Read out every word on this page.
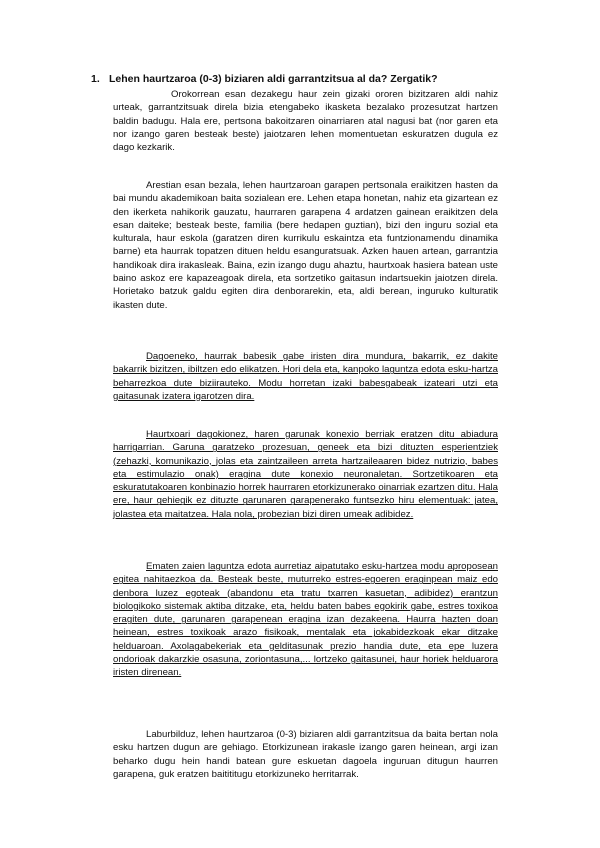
1. Lehen haurtzaroa (0-3) biziaren aldi garrantzitsua al da? Zergatik?

Orokorrean esan dezakegu haur zein gizaki ororen bizitzaren aldi nahiz urteak, garrantzitsuak direla bizia etengabeko ikasketa bezalako prozesutzat hartzen baldin badugu. Hala ere, pertsona bakoitzaren oinarriaren atal nagusi bat (nor garen eta nor izango garen besteak beste) jaiotzaren lehen momentuetan eskuratzen dugula ez dago kezkarik.

Arestian esan bezala, lehen haurtzaroan garapen pertsonala eraikitzen hasten da bai mundu akademikoan baita sozialean ere. Lehen etapa honetan, nahiz eta gizartean ez den ikerketa nahikorik gauzatu, haurraren garapena 4 ardatzen gainean eraikitzen dela esan daiteke; besteak beste, familia (bere hedapen guztian), bizi den inguru sozial eta kulturala, haur eskola (garatzen diren kurrikulu eskaintza eta funtzionamendu dinamika barne) eta haurrak topatzen dituen heldu esanguratsuak. Azken hauen artean, garrantzia handikoak dira irakasleak. Baina, ezin izango dugu ahaztu, haurtxoak hasiera batean uste baino askoz ere kapazeagoak direla, eta sortzetiko gaitasun indartsuekin jaiotzen direla. Horietako batzuk galdu egiten dira denborarekin, eta, aldi berean, inguruko kulturatik ikasten dute.

Dagoeneko, haurrak babesik gabe iristen dira mundura, bakarrik, ez dakite bakarrik bizitzen, ibiltzen edo elikatzen. Hori dela eta, kanpoko laguntza edota esku-hartza beharrezkoa dute biziirauteko. Modu horretan izaki babesgabeak izateari utzi eta gaitasunak izatera igarotzen dira.

Haurtxoari dagokionez, haren garunak konexio berriak eratzen ditu abiadura harrigarrian. Garuna garatzeko prozesuan, geneek eta bizi dituzten esperientziek (zehazki, komunikazio, jolas eta zaintzaileen arreta hartzaileaaren bidez nutrizio, babes eta estimulazio onak) eragina dute konexio neuronaletan. Sortzetikoaren eta eskuratutakoaren konbinazio horrek haurraren etorkizunerako oinarriak ezartzen ditu. Hala ere, haur gehiegik ez dituzte garunaren garapenerako funtsezko hiru elementuak: jatea, jolastea eta maitatzea. Hala nola, probezian bizi diren umeak adibidez.

Ematen zaien laguntza edota aurretiaz aipatutako esku-hartzea modu aproposean egitea nahitaezkoa da. Besteak beste, muturreko estres-egoeren eraginpean maiz edo denbora luzez egoteak (abandonu eta tratu txarren kasuetan, adibidez) erantzun biologikoko sistemak aktiba ditzake, eta, heldu baten babes egokirik gabe, estres toxikoa eragiten dute, garunaren garapenean eragina izan dezakeena. Haurra hazten doan heinean, estres toxikoak arazo fisikoak, mentalak eta jokabidezkoak ekar ditzake helduaroan. Axolagabekeriak eta gelditasunak prezio handia dute, eta epe luzera ondorioak dakarzkie osasuna, zoriontasuna,... lortzeko gaitasunei, haur horiek helduarora iristen direnean.

Laburbilduz, lehen haurtzaroa (0-3) biziaren aldi garrantzitsua da baita bertan nola esku hartzen dugun are gehiago. Etorkizunean irakasle izango garen heinean, argi izan beharko dugu hein handi batean gure eskuetan dagoela inguruan ditugun haurren garapena, guk eratzen baitititugu etorkizuneko herritarrak.
